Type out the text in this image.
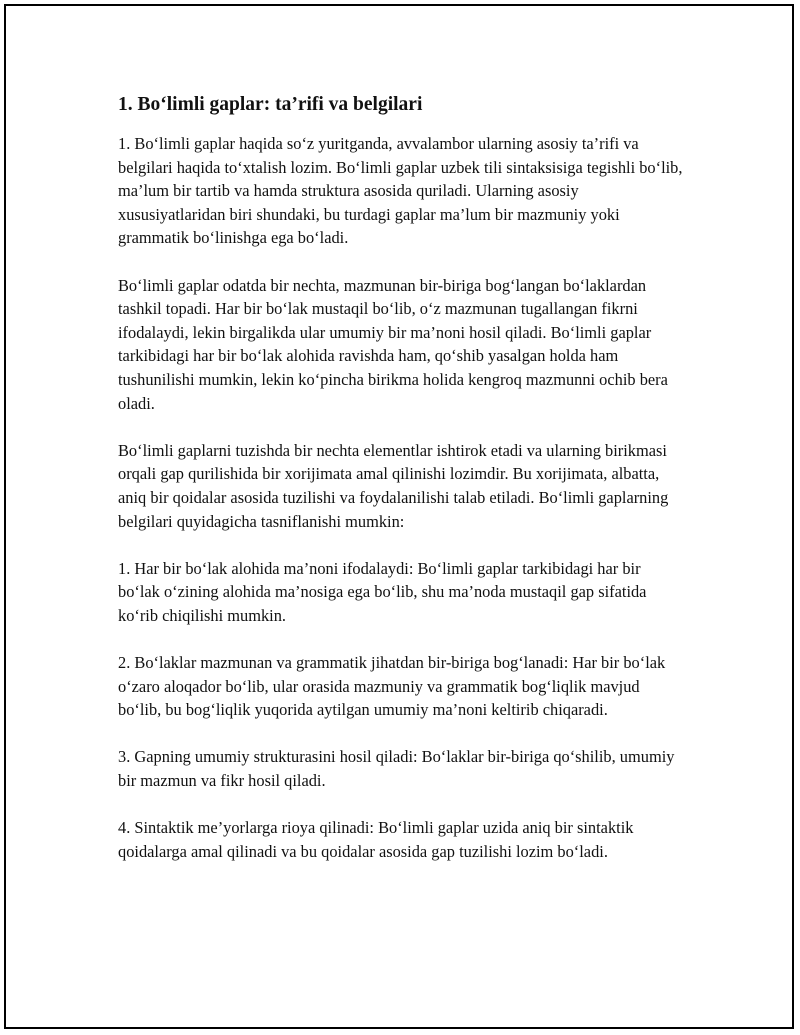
1. Bo‘limli gaplar: ta’rifi va belgilari

1. Bo‘limli gaplar haqida so‘z yuritganda, avvalambor ularning asosiy ta’rifi va belgilari haqida to‘xtalish lozim. Bo‘limli gaplar uzbek tili sintaksisiga tegishli bo‘lib, ma’lum bir tartib va hamda struktura asosida quriladi. Ularning asosiy xususiyatlaridan biri shundaki, bu turdagi gaplar ma’lum bir mazmuniy yoki grammatik bo‘linishga ega bo‘ladi.

Bo‘limli gaplar odatda bir nechta, mazmunan bir-biriga bog‘langan bo‘laklardan tashkil topadi. Har bir bo‘lak mustaqil bo‘lib, o‘z mazmunan tugallangan fikrni ifodalaydi, lekin birgalikda ular umumiy bir ma’noni hosil qiladi. Bo‘limli gaplar tarkibidagi har bir bo‘lak alohida ravishda ham, qo‘shib yasalgan holda ham tushunilishi mumkin, lekin ko‘pincha birikma holida kengroq mazmunni ochib bera oladi.

Bo‘limli gaplarni tuzishda bir nechta elementlar ishtirok etadi va ularning birikmasi orqali gap qurilishida bir xorijimata amal qilinishi lozimdir. Bu xorijimata, albatta, aniq bir qoidalar asosida tuzilishi va foydalanilishi talab etiladi. Bo‘limli gaplarning belgilari quyidagicha tasniflanishi mumkin:

1. Har bir bo‘lak alohida ma’noni ifodalaydi: Bo‘limli gaplar tarkibidagi har bir bo‘lak o‘zining alohida ma’nosiga ega bo‘lib, shu ma’noda mustaqil gap sifatida ko‘rib chiqilishi mumkin.

2. Bo‘laklar mazmunan va grammatik jihatdan bir-biriga bog‘lanadi: Har bir bo‘lak o‘zaro aloqador bo‘lib, ular orasida mazmuniy va grammatik bog‘liqlik mavjud bo‘lib, bu bog‘liqlik yuqorida aytilgan umumiy ma’noni keltirib chiqaradi.

3. Gapning umumiy strukturasini hosil qiladi: Bo‘laklar bir-biriga qo‘shilib, umumiy bir mazmun va fikr hosil qiladi.

4. Sintaktik me’yorlarga rioya qilinadi: Bo‘limli gaplar uzida aniq bir sintaktik qoidalarga amal qilinadi va bu qoidalar asosida gap tuzilishi lozim bo‘ladi.
